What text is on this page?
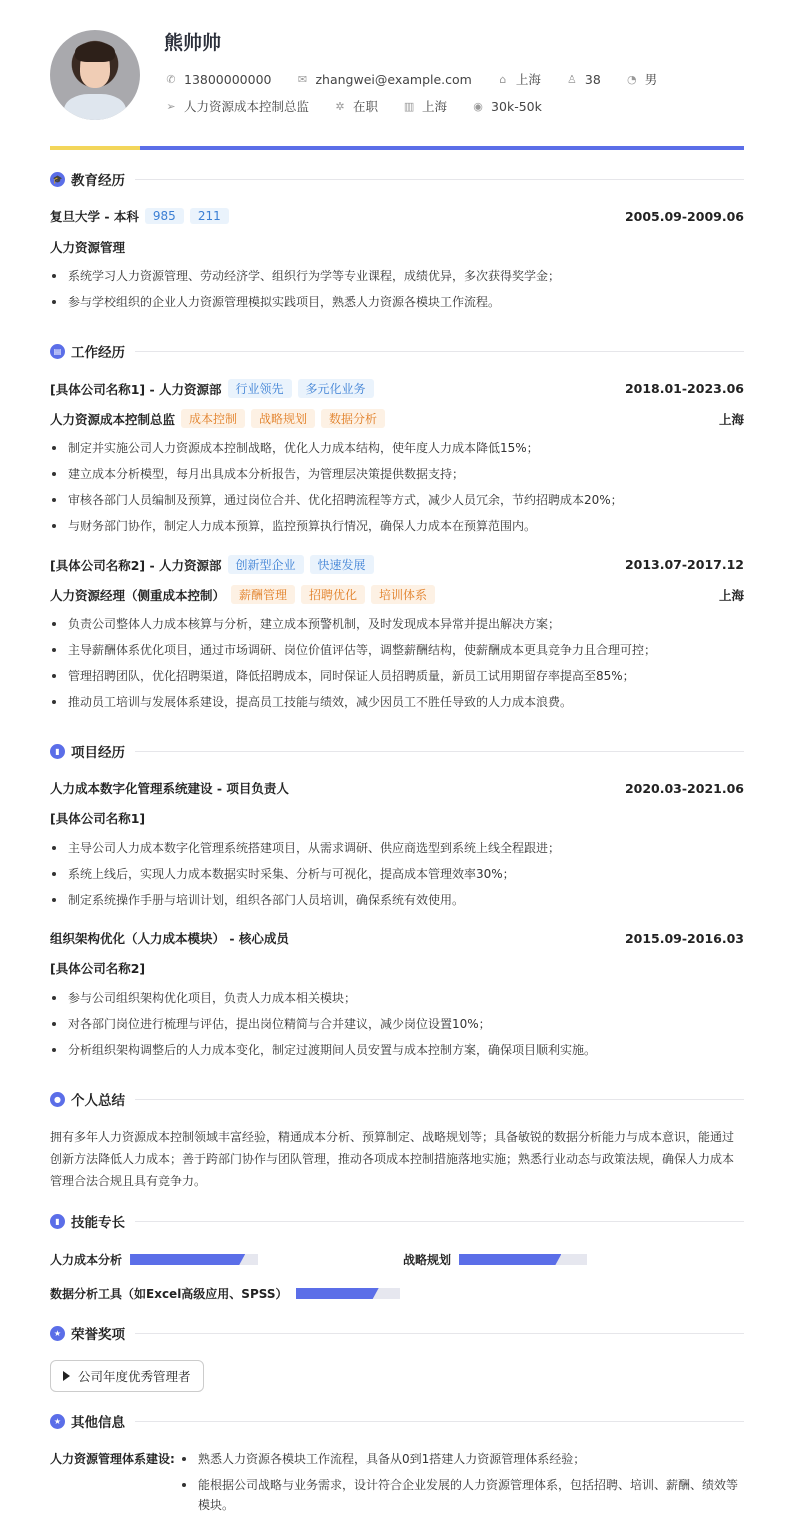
熊帅帅
✆ 13800000000 ✉ zhangwei@example.com	⌂ 上海 ♙ 38 ◔ 男
➢ 人力资源成本控制总监 ✲ 在职 ▥ 上海 ◉ 30k-50k
🎓 教育经历
复旦大学 - 本科	985	211	2005.09-2009.06
人力资源管理
系统学习人力资源管理、劳动经济学、组织行为学等专业课程，成绩优异，多次获得奖学金；
参与学校组织的企业人力资源管理模拟实践项目，熟悉人力资源各模块工作流程。
▤ 工作经历
[具体公司名称1] - 人力资源部	行业领先	多元化业务	2018.01-2023.06
人力资源成本控制总监	成本控制	战略规划	数据分析	上海
制定并实施公司人力资源成本控制战略，优化人力成本结构，使年度人力成本降低15%；
建立成本分析模型，每月出具成本分析报告，为管理层决策提供数据支持；
审核各部门人员编制及预算，通过岗位合并、优化招聘流程等方式，减少人员冗余，节约招聘成本20%；
与财务部门协作，制定人力成本预算，监控预算执行情况，确保人力成本在预算范围内。
[具体公司名称2] - 人力资源部	创新型企业	快速发展	2013.07-2017.12
人力资源经理（侧重成本控制）	薪酬管理	招聘优化	培训体系	上海
负责公司整体人力成本核算与分析，建立成本预警机制，及时发现成本异常并提出解决方案；
主导薪酬体系优化项目，通过市场调研、岗位价值评估等，调整薪酬结构，使薪酬成本更具竞争力且合理可控；
管理招聘团队，优化招聘渠道，降低招聘成本，同时保证人员招聘质量，新员工试用期留存率提高至85%；
推动员工培训与发展体系建设，提高员工技能与绩效，减少因员工不胜任导致的人力成本浪费。
▮ 项目经历
人力成本数字化管理系统建设 - 项目负责人	2020.03-2021.06
[具体公司名称1]
主导公司人力成本数字化管理系统搭建项目，从需求调研、供应商选型到系统上线全程跟进；
系统上线后，实现人力成本数据实时采集、分析与可视化，提高成本管理效率30%；
制定系统操作手册与培训计划，组织各部门人员培训，确保系统有效使用。
组织架构优化（人力成本模块） - 核心成员	2015.09-2016.03
[具体公司名称2]
参与公司组织架构优化项目，负责人力成本相关模块；
对各部门岗位进行梳理与评估，提出岗位精简与合并建议，减少岗位设置10%；
分析组织架构调整后的人力成本变化，制定过渡期间人员安置与成本控制方案，确保项目顺利实施。
● 个人总结
拥有多年人力资源成本控制领域丰富经验，精通成本分析、预算制定、战略规划等；具备敏锐的数据分析能力与成本意识，能通过创新方法降低人力成本；善于跨部门协作与团队管理，推动各项成本控制措施落地实施；熟悉行业动态与政策法规，确保人力成本管理合法合规且具有竞争力。
▮ 技能专长
人力成本分析	战略规划
数据分析工具（如Excel高级应用、SPSS）
★ 荣誉奖项
公司年度优秀管理者
★ 其他信息
人力资源管理体系建设:	熟悉人力资源各模块工作流程，具备从0到1搭建人力资源管理体系经验；
能根据公司战略与业务需求，设计符合企业发展的人力资源管理体系，包括招聘、培训、薪酬、绩效等模块。
